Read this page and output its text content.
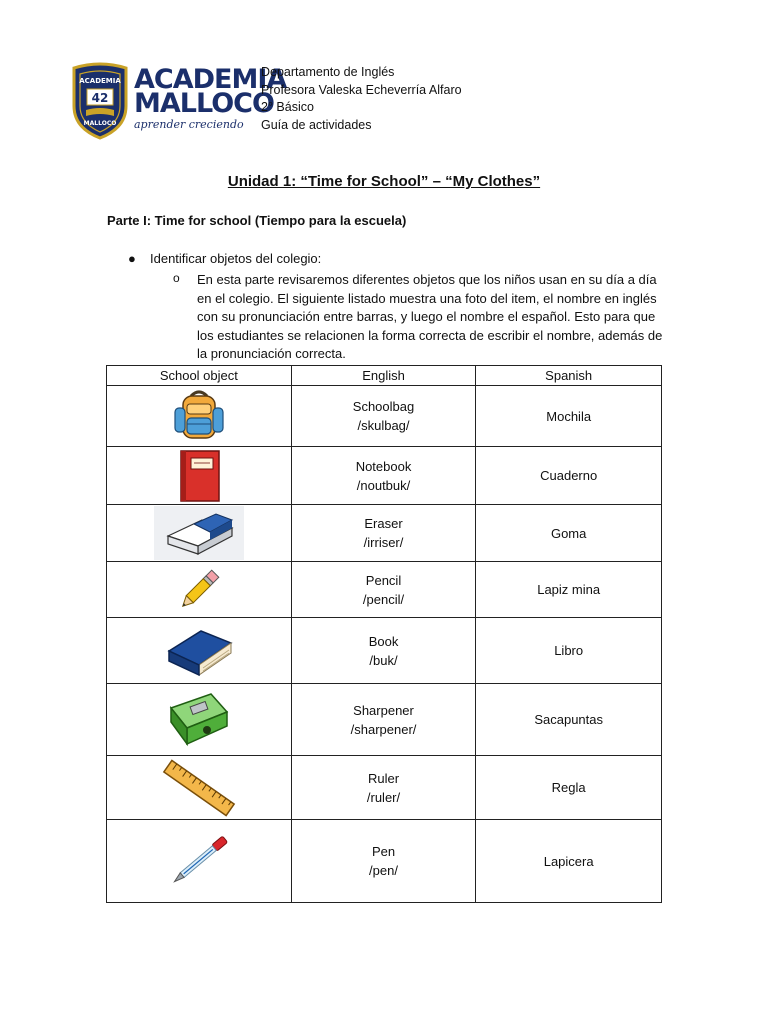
ACADEMIA
42
MALLOCO
ACADEMIA
MALLOCO
aprender creciendo
Departamento de Inglés
Profesora Valeska Echeverría Alfaro
2° Básico
Guía de actividades
Unidad 1: “Time for School” – “My Clothes”
Parte I: Time for school (Tiempo para la escuela)
● Identificar objetos del colegio:
o En esta parte revisaremos diferentes objetos que los niños usan en su día a día en el colegio. El siguiente listado muestra una foto del item, el nombre en inglés con su pronunciación entre barras, y luego el nombre el español. Esto para que los estudiantes se relacionen la forma correcta de escribir el nombre, además de la pronunciación correcta.
School object	English	Spanish

Schoolbag
/skulbag/	Mochila

Notebook
/noutbuk/	Cuaderno

Eraser
/irriser/	Goma

Pencil
/pencil/	Lapiz mina

Book
/buk/	Libro

Sharpener
/sharpener/	Sacapuntas

Ruler
/ruler/	Regla

Pen
/pen/	Lapicera
